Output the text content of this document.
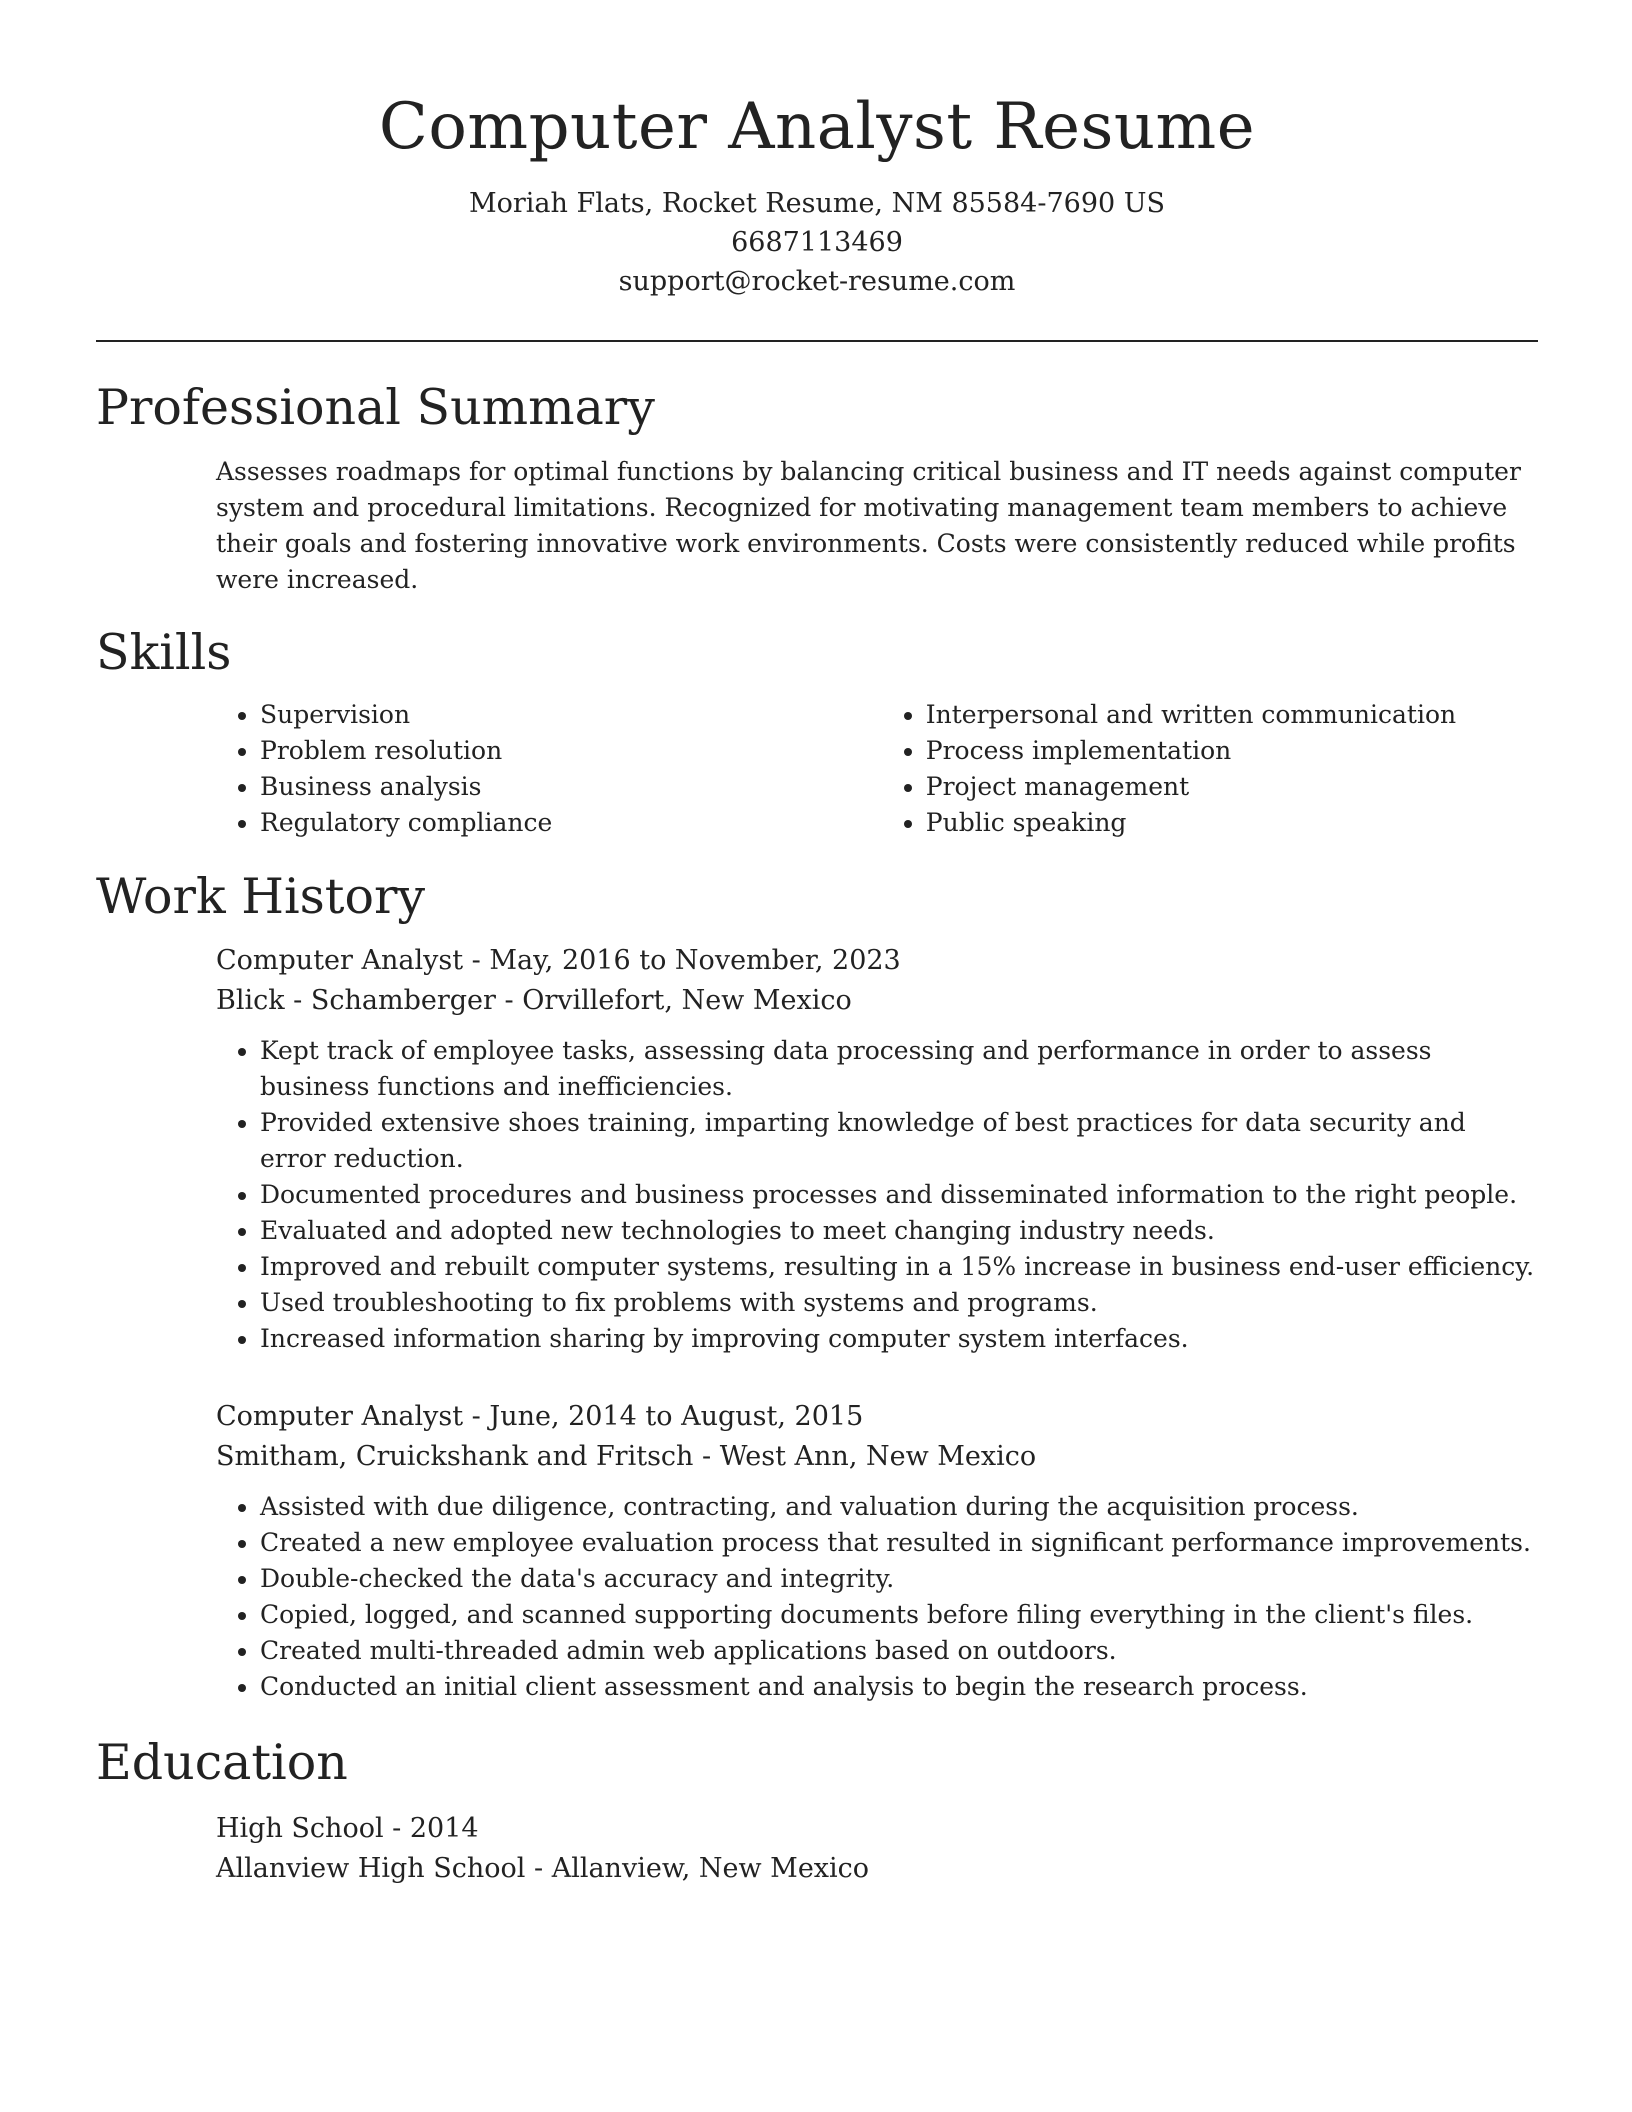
Computer Analyst Resume
Moriah Flats, Rocket Resume, NM 85584-7690 US
6687113469
support@rocket-resume.com
Professional Summary

Assesses roadmaps for optimal functions by balancing critical business and IT needs against computer system and procedural limitations. Recognized for motivating management team members to achieve their goals and fostering innovative work environments. Costs were consistently reduced while profits were increased.

Skills
• Supervision
• Problem resolution
• Business analysis
• Regulatory compliance
• Interpersonal and written communication
• Process implementation
• Project management
• Public speaking
Work History
Computer Analyst - May, 2016 to November, 2023
Blick - Schamberger - Orvillefort, New Mexico
• Kept track of employee tasks, assessing data processing and performance in order to assess business functions and inefficiencies.
• Provided extensive shoes training, imparting knowledge of best practices for data security and error reduction.
• Documented procedures and business processes and disseminated information to the right people.
• Evaluated and adopted new technologies to meet changing industry needs.
• Improved and rebuilt computer systems, resulting in a 15% increase in business end-user efficiency.
• Used troubleshooting to fix problems with systems and programs.
• Increased information sharing by improving computer system interfaces.
Computer Analyst - June, 2014 to August, 2015
Smitham, Cruickshank and Fritsch - West Ann, New Mexico
• Assisted with due diligence, contracting, and valuation during the acquisition process.
• Created a new employee evaluation process that resulted in significant performance improvements.
• Double-checked the data's accuracy and integrity.
• Copied, logged, and scanned supporting documents before filing everything in the client's files.
• Created multi-threaded admin web applications based on outdoors.
• Conducted an initial client assessment and analysis to begin the research process.
Education
High School - 2014
Allanview High School - Allanview, New Mexico
